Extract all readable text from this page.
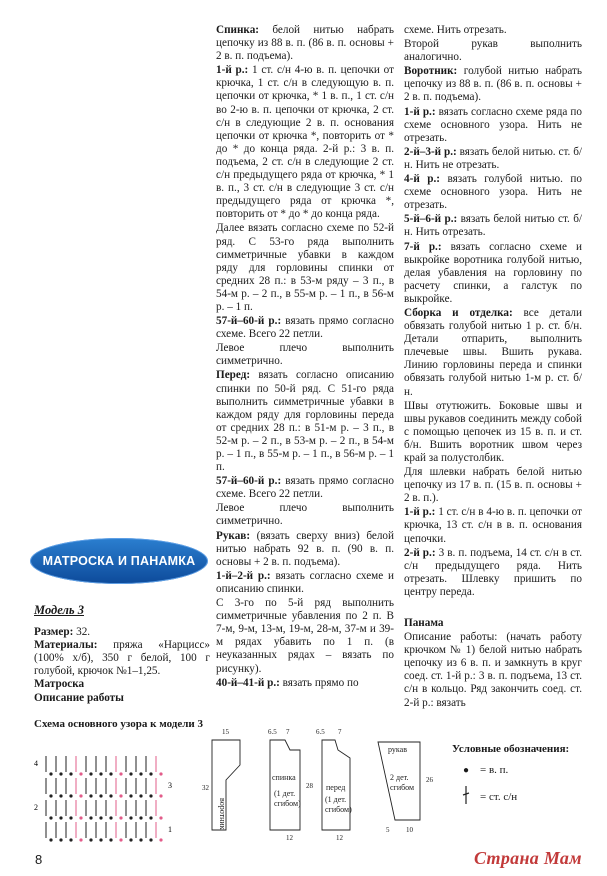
Спинка: белой нитью набрать цепочку из 88 в. п. (86 в. п. основы + 2 в. п. подъема).

1-й р.: 1 ст. с/н 4-ю в. п. цепочки от крючка, 1 ст. с/н в следующую в. п. цепочки от крючка, * 1 в. п., 1 ст. с/н во 2-ю в. п. цепочки от крючка, 2 ст. с/н в следующие 2 в. п. основания цепочки от крючка *, повторить от * до * до конца ряда. 2-й р.: 3 в. п. подъема, 2 ст. с/н в следующие 2 ст. с/н предыдущего ряда от крючка, * 1 в. п., 3 ст. с/н в следующие 3 ст. с/н предыдущего ряда от крючка *, повторить от * до * до конца ряда.

Далее вязать согласно схеме по 52-й ряд. С 53-го ряда выполнить симметричные убавки в каждом ряду для горловины спинки от средних 28 п.: в 53-м ряду – 3 п., в 54-м р. – 2 п., в 55-м р. – 1 п., в 56-м р. – 1 п.

57-й–60-й р.: вязать прямо согласно схеме. Всего 22 петли.

Левое плечо выполнить симметрично.

Перед: вязать согласно описанию спинки по 50-й ряд. С 51-го ряда выполнить симметричные убавки в каждом ряду для горловины переда от средних 28 п.: в 51-м р. – 3 п., в 52-м р. – 2 п., в 53-м р. – 2 п., в 54-м р. – 1 п., в 55-м р. – 1 п., в 56-м р. – 1 п.

57-й–60-й р.: вязать прямо согласно схеме. Всего 22 петли.

Левое плечо выполнить симметрично.

Рукав: (вязать сверху вниз) белой нитью набрать 92 в. п. (90 в. п. основы + 2 в. п. подъема).

1-й–2-й р.: вязать согласно схеме и описанию спинки.

С 3-го по 5-й ряд выполнить симметричные убавления по 2 п. В 7-м, 9-м, 13-м, 19-м, 28-м, 37-м и 39-м рядах убавить по 1 п. (в неуказанных рядах – вязать по рисунку).

40-й–41-й р.: вязать прямо по

схеме. Нить отрезать.

Второй рукав выполнить аналогично.

Воротник: голубой нитью набрать цепочку из 88 в. п. (86 в. п. основы + 2 в. п. подъема).

1-й р.: вязать согласно схеме ряда по схеме основного узора. Нить не отрезать.

2-й–3-й р.: вязать белой нитью. ст. б/н. Нить не отрезать.

4-й р.: вязать голубой нитью. по схеме основного узора. Нить не отрезать.

5-й–6-й р.: вязать белой нитью ст. б/н. Нить отрезать.

7-й р.: вязать согласно схеме и выкройке воротника голубой нитью, делая убавления на горловину по расчету спинки, а галстук по выкройке.

Сборка и отделка: все детали обвязать голубой нитью 1 р. ст. б/н. Детали отпарить, выполнить плечевые швы. Вшить рукава. Линию горловины переда и спинки обвязать голубой нитью 1-м р. ст. б/н.

Швы отутюжить. Боковые швы и швы рукавов соединить между собой с помощью цепочек из 15 в. п. и ст. б/н. Вшить воротник швом через край за полустолбик.

Для шлевки набрать белой нитью цепочку из 17 в. п. (15 в. п. основы + 2 в. п.).

1-й р.: 1 ст. с/н в 4-ю в. п. цепочки от крючка, 13 ст. с/н в в. п. основания цепочки.

2-й р.: 3 в. п. подъема, 14 ст. с/н в ст. с/н предыдущего ряда. Нить отрезать. Шлевку пришить по центру переда.

Панама

Описание работы: (начать работу крючком № 1) белой нитью набрать цепочку из 6 в. п. и замкнуть в круг соед. ст. 1-й р.: 3 в. п. подъема, 13 ст. с/н в кольцо. Ряд закончить соед. ст. 2-й р.: вязать

МАТРОСКА И ПАНАМКА

Модель 3

Размер: 32.

Материалы: пряжа «Нарцисс» (100% х/б), 350 г белой, 100 г голубой, крючок №1–1,25.

Матроска

Описание работы

Схема основного узора к модели 3
4
3
2
1	воротник
спинка
(1 дет.
сгибом)
перед
(1 дет.
сгибом)
рукав
2 дет.
сгибом
15
32
6.5 7	6.5 7
28
26
5 10
12	12
Условные обозначения:
● = в. п.
= ст. с/н
8	Страна Мам
